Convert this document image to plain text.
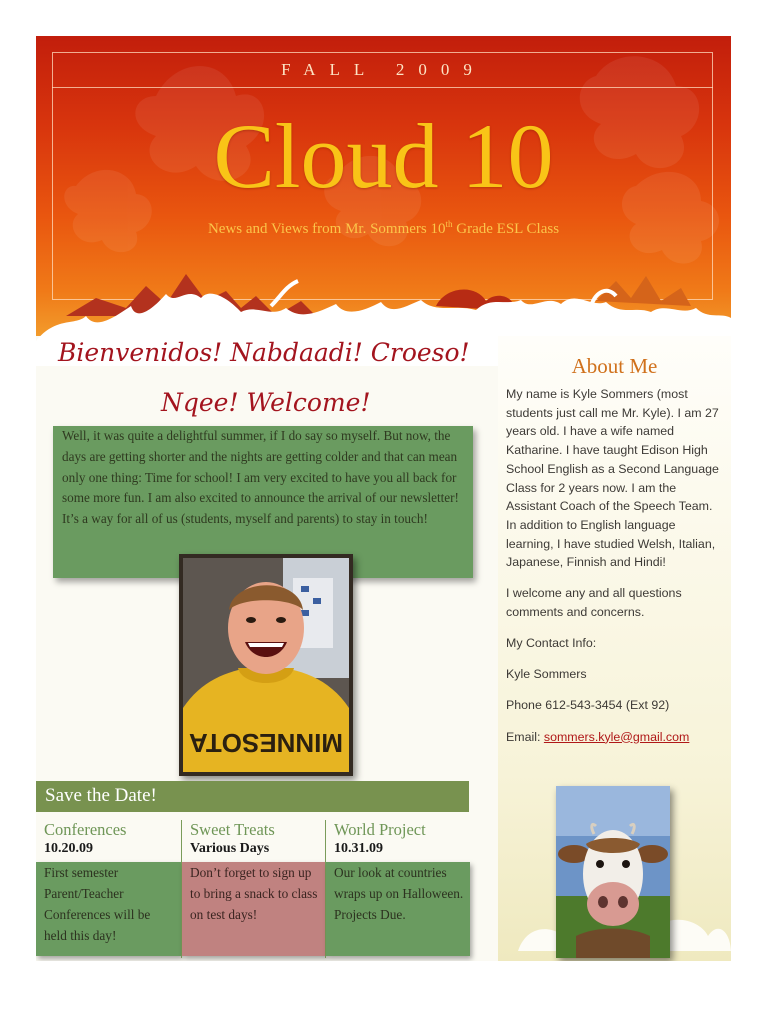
FALL 2009
Cloud 10
News and Views from Mr. Sommers 10th Grade ESL Class
Bienvenidos! Nabdaadi! Croeso!
Nqee! Welcome!
Well, it was quite a delightful summer, if I do say so myself. But now, the days are getting shorter and the nights are getting colder and that can mean only one thing: Time for school! I am very excited to have you all back for some more fun. I am also excited to announce the arrival of our newsletter! It’s a way for all of us (students, myself and parents) to stay in touch!
MINNESOTA
About Me

My name is Kyle Sommers (most students just call me Mr. Kyle). I am 27 years old. I have a wife named Katharine. I have taught Edison High School English as a Second Language Class for 2 years now. I am the Assistant Coach of the Speech Team. In addition to English language learning, I have studied Welsh, Italian, Japanese, Finnish and Hindi!

I welcome any and all questions comments and concerns.

My Contact Info:

Kyle Sommers

Phone 612-543-3454 (Ext 92)

Email: sommers.kyle@gmail.com

Save the Date!
Conferences
10.20.09
First semester Parent/Teacher Conferences will be held this day!
Sweet Treats
Various Days
Don’t forget to sign up to bring a snack to class on test days!
World Project
10.31.09
Our look at countries wraps up on Halloween. Projects Due.
